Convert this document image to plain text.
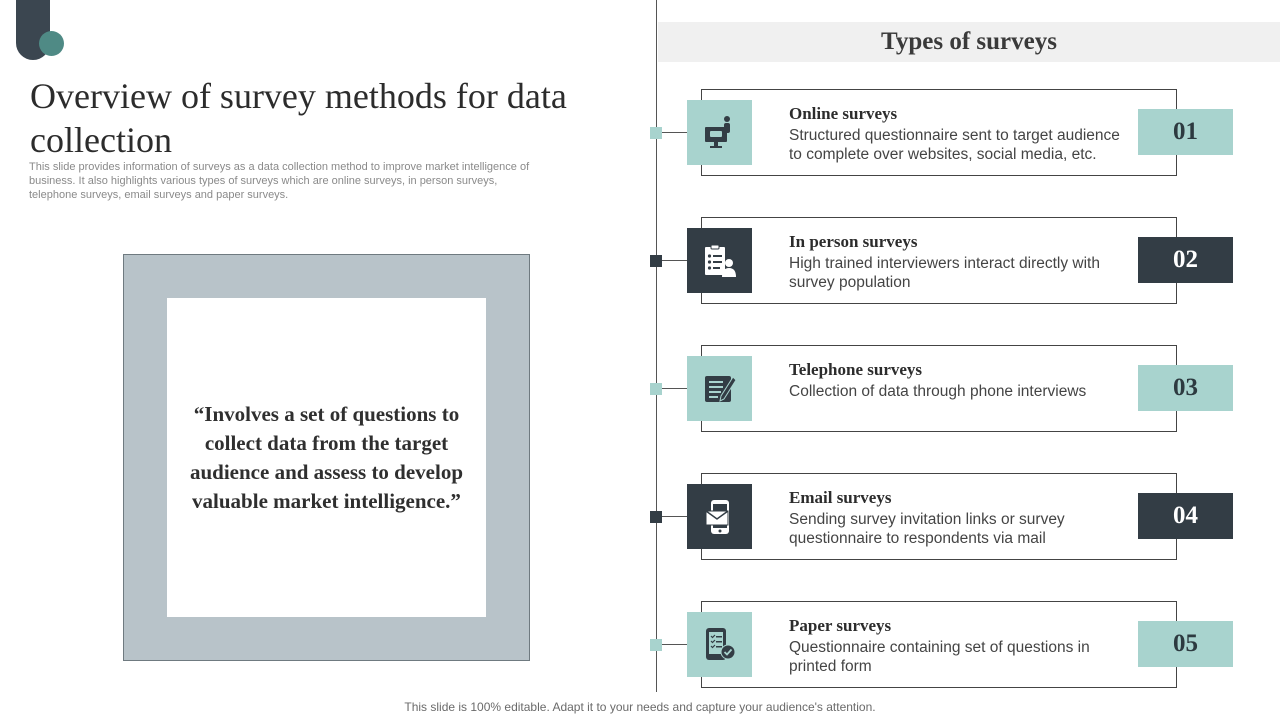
Overview of survey methods for data collection

This slide provides information of surveys as a data collection method to improve market intelligence of business. It also highlights various types of surveys which are online surveys, in person surveys, telephone surveys, email surveys and paper surveys.

“Involves a set of questions to collect data from the target audience and assess to develop valuable market intelligence.”

Types of surveys
Online surveys
Structured questionnaire sent to target audience to complete over websites, social media, etc.
01
In person surveys
High trained interviewers interact directly with survey population
02
Telephone surveys
Collection of data through phone interviews	03
Email surveys
Sending survey invitation links or survey questionnaire to respondents via mail
04
Paper surveys
Questionnaire containing set of questions in printed form
05
This slide is 100% editable. Adapt it to your needs and capture your audience's attention.
